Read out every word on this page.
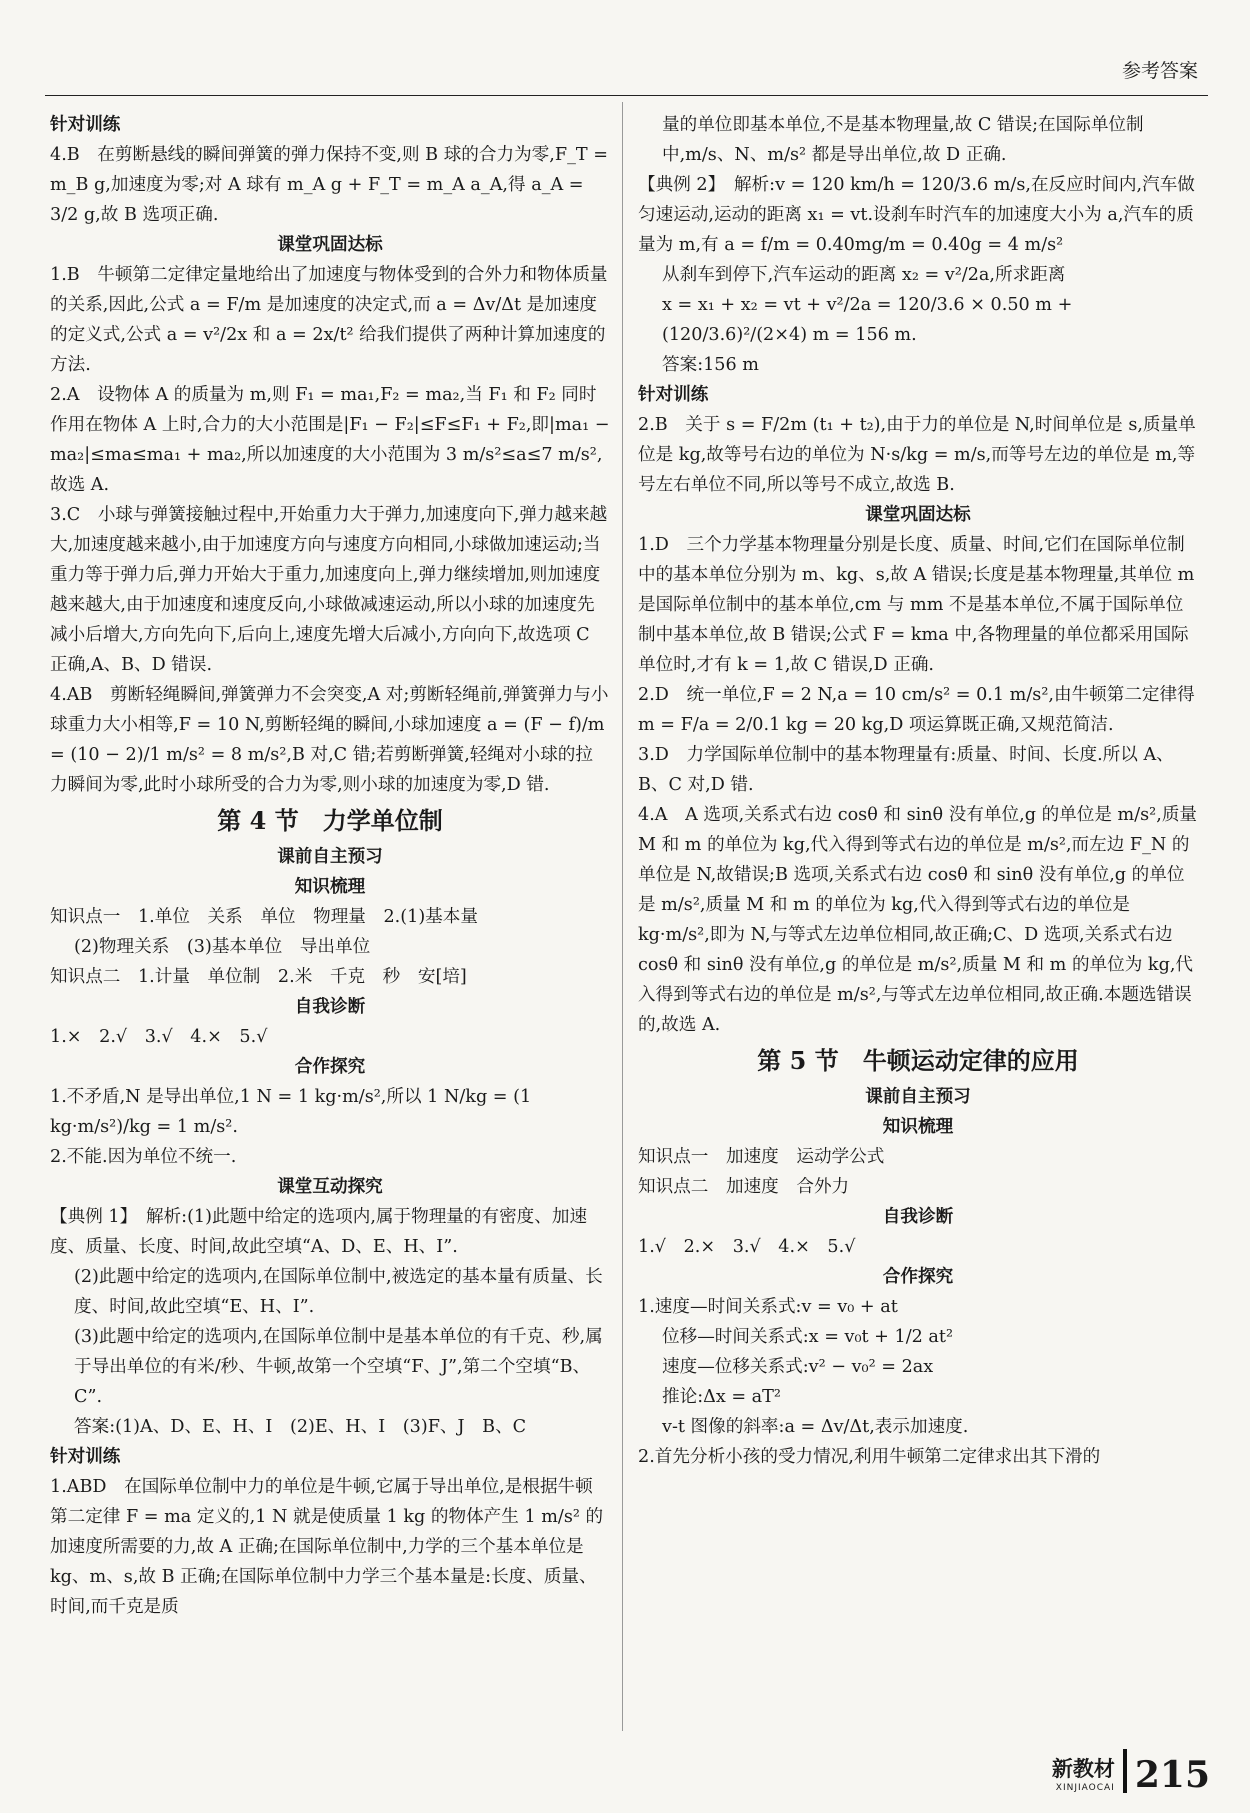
参考答案

针对训练

4.B　在剪断悬线的瞬间弹簧的弹力保持不变,则 B 球的合力为零,F_T = m_B g,加速度为零;对 A 球有 m_A g + F_T = m_A a_A,得 a_A = 3/2 g,故 B 选项正确.

课堂巩固达标

1.B　牛顿第二定律定量地给出了加速度与物体受到的合外力和物体质量的关系,因此,公式 a = F/m 是加速度的决定式,而 a = Δv/Δt 是加速度的定义式,公式 a = v²/2x 和 a = 2x/t² 给我们提供了两种计算加速度的方法.

2.A　设物体 A 的质量为 m,则 F₁ = ma₁,F₂ = ma₂,当 F₁ 和 F₂ 同时作用在物体 A 上时,合力的大小范围是|F₁ − F₂|≤F≤F₁ + F₂,即|ma₁ − ma₂|≤ma≤ma₁ + ma₂,所以加速度的大小范围为 3 m/s²≤a≤7 m/s²,故选 A.

3.C　小球与弹簧接触过程中,开始重力大于弹力,加速度向下,弹力越来越大,加速度越来越小,由于加速度方向与速度方向相同,小球做加速运动;当重力等于弹力后,弹力开始大于重力,加速度向上,弹力继续增加,则加速度越来越大,由于加速度和速度反向,小球做减速运动,所以小球的加速度先减小后增大,方向先向下,后向上,速度先增大后减小,方向向下,故选项 C 正确,A、B、D 错误.

4.AB　剪断轻绳瞬间,弹簧弹力不会突变,A 对;剪断轻绳前,弹簧弹力与小球重力大小相等,F = 10 N,剪断轻绳的瞬间,小球加速度 a = (F − f)/m = (10 − 2)/1 m/s² = 8 m/s²,B 对,C 错;若剪断弹簧,轻绳对小球的拉力瞬间为零,此时小球所受的合力为零,则小球的加速度为零,D 错.

第 4 节　力学单位制

课前自主预习

知识梳理

知识点一　1.单位　关系　单位　物理量　2.(1)基本量

(2)物理关系　(3)基本单位　导出单位

知识点二　1.计量　单位制　2.米　千克　秒　安[培]

自我诊断

1.×　2.√　3.√　4.×　5.√

合作探究

1.不矛盾,N 是导出单位,1 N = 1 kg·m/s²,所以 1 N/kg = (1 kg·m/s²)/kg = 1 m/s².

2.不能.因为单位不统一.

课堂互动探究

【典例 1】　解析:(1)此题中给定的选项内,属于物理量的有密度、加速度、质量、长度、时间,故此空填“A、D、E、H、I”.

(2)此题中给定的选项内,在国际单位制中,被选定的基本量有质量、长度、时间,故此空填“E、H、I”.

(3)此题中给定的选项内,在国际单位制中是基本单位的有千克、秒,属于导出单位的有米/秒、牛顿,故第一个空填“F、J”,第二个空填“B、C”.

答案:(1)A、D、E、H、I　(2)E、H、I　(3)F、J　B、C

针对训练

1.ABD　在国际单位制中力的单位是牛顿,它属于导出单位,是根据牛顿第二定律 F = ma 定义的,1 N 就是使质量 1 kg 的物体产生 1 m/s² 的加速度所需要的力,故 A 正确;在国际单位制中,力学的三个基本单位是 kg、m、s,故 B 正确;在国际单位制中力学三个基本量是:长度、质量、时间,而千克是质

量的单位即基本单位,不是基本物理量,故 C 错误;在国际单位制中,m/s、N、m/s² 都是导出单位,故 D 正确.

【典例 2】　解析:v = 120 km/h = 120/3.6 m/s,在反应时间内,汽车做匀速运动,运动的距离 x₁ = vt.设刹车时汽车的加速度大小为 a,汽车的质量为 m,有 a = f/m = 0.40mg/m = 0.40g = 4 m/s²

从刹车到停下,汽车运动的距离 x₂ = v²/2a,所求距离

x = x₁ + x₂ = vt + v²/2a = 120/3.6 × 0.50 m + (120/3.6)²/(2×4) m = 156 m.

答案:156 m

针对训练

2.B　关于 s = F/2m (t₁ + t₂),由于力的单位是 N,时间单位是 s,质量单位是 kg,故等号右边的单位为 N·s/kg = m/s,而等号左边的单位是 m,等号左右单位不同,所以等号不成立,故选 B.

课堂巩固达标

1.D　三个力学基本物理量分别是长度、质量、时间,它们在国际单位制中的基本单位分别为 m、kg、s,故 A 错误;长度是基本物理量,其单位 m 是国际单位制中的基本单位,cm 与 mm 不是基本单位,不属于国际单位制中基本单位,故 B 错误;公式 F = kma 中,各物理量的单位都采用国际单位时,才有 k = 1,故 C 错误,D 正确.

2.D　统一单位,F = 2 N,a = 10 cm/s² = 0.1 m/s²,由牛顿第二定律得 m = F/a = 2/0.1 kg = 20 kg,D 项运算既正确,又规范简洁.

3.D　力学国际单位制中的基本物理量有:质量、时间、长度.所以 A、B、C 对,D 错.

4.A　A 选项,关系式右边 cosθ 和 sinθ 没有单位,g 的单位是 m/s²,质量 M 和 m 的单位为 kg,代入得到等式右边的单位是 m/s²,而左边 F_N 的单位是 N,故错误;B 选项,关系式右边 cosθ 和 sinθ 没有单位,g 的单位是 m/s²,质量 M 和 m 的单位为 kg,代入得到等式右边的单位是 kg·m/s²,即为 N,与等式左边单位相同,故正确;C、D 选项,关系式右边 cosθ 和 sinθ 没有单位,g 的单位是 m/s²,质量 M 和 m 的单位为 kg,代入得到等式右边的单位是 m/s²,与等式左边单位相同,故正确.本题选错误的,故选 A.

第 5 节　牛顿运动定律的应用

课前自主预习

知识梳理

知识点一　加速度　运动学公式

知识点二　加速度　合外力

自我诊断

1.√　2.×　3.√　4.×　5.√

合作探究

1.速度—时间关系式:v = v₀ + at

位移—时间关系式:x = v₀t + 1/2 at²

速度—位移关系式:v² − v₀² = 2ax

推论:Δx = aT²

v-t 图像的斜率:a = Δv/Δt,表示加速度.

2.首先分析小孩的受力情况,利用牛顿第二定律求出其下滑的

新教材
XINJIAOCAI 215
